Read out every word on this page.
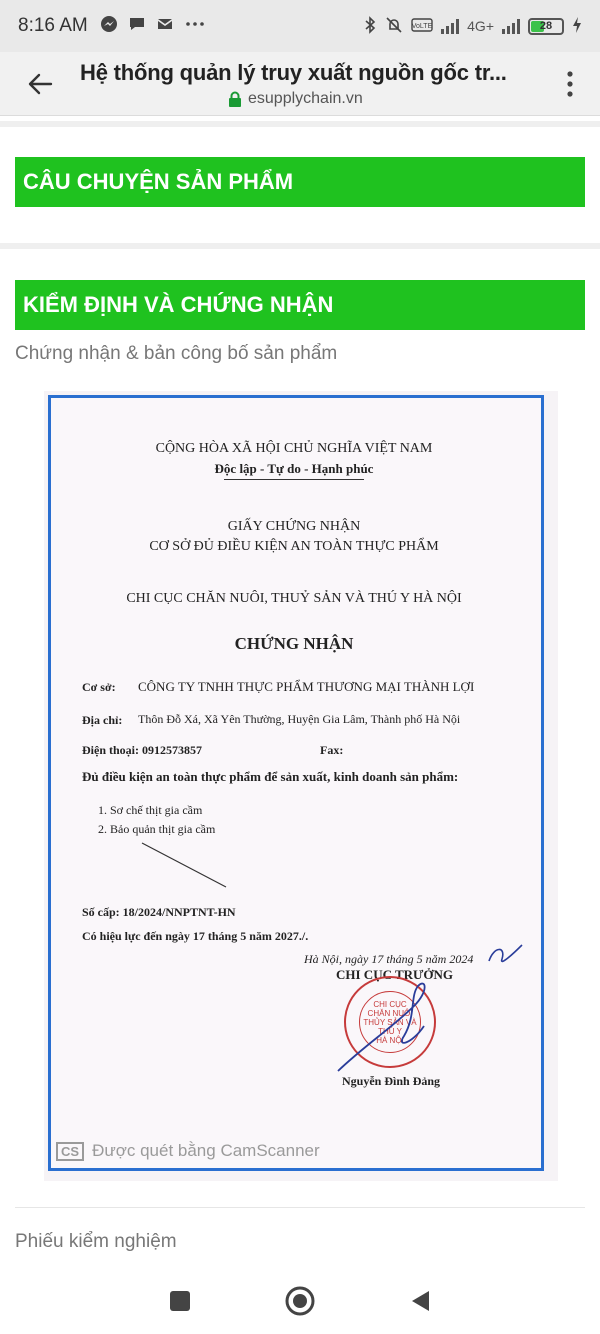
8:16 AM	VoLTE 4G+	28
Hệ thống quản lý truy xuất nguồn gốc tr...
esupplychain.vn
CÂU CHUYỆN SẢN PHẨM
KIỂM ĐỊNH VÀ CHỨNG NHẬN
Chứng nhận & bản công bố sản phẩm
Phiếu kiểm nghiệm
CỘNG HÒA XÃ HỘI CHỦ NGHĨA VIỆT NAM
Độc lập - Tự do - Hạnh phúc
GIẤY CHỨNG NHẬN
CƠ SỞ ĐỦ ĐIỀU KIỆN AN TOÀN THỰC PHẨM
CHI CỤC CHĂN NUÔI, THUỶ SẢN VÀ THÚ Y HÀ NỘI
CHỨNG NHẬN
Cơ sở: CÔNG TY TNHH THỰC PHẨM THƯƠNG MẠI THÀNH LỢI
Địa chỉ: Thôn Đỗ Xá, Xã Yên Thường, Huyện Gia Lâm, Thành phố Hà Nội
Điện thoại: 0912573857	Fax:
Đủ điều kiện an toàn thực phẩm để sản xuất, kinh doanh sản phẩm:
1. Sơ chế thịt gia cầm
2. Bảo quản thịt gia cầm
Số cấp: 18/2024/NNPTNT-HN
Có hiệu lực đến ngày 17 tháng 5 năm 2027./.
Hà Nội, ngày 17 tháng 5 năm 2024
CHI CỤC TRƯỞNG
CHI CỤC
CHĂN NUÔI
THỦY SẢN VÀ
THÚ Y
HÀ NỘI
Nguyễn Đình Đảng
CS Được quét bằng CamScanner
